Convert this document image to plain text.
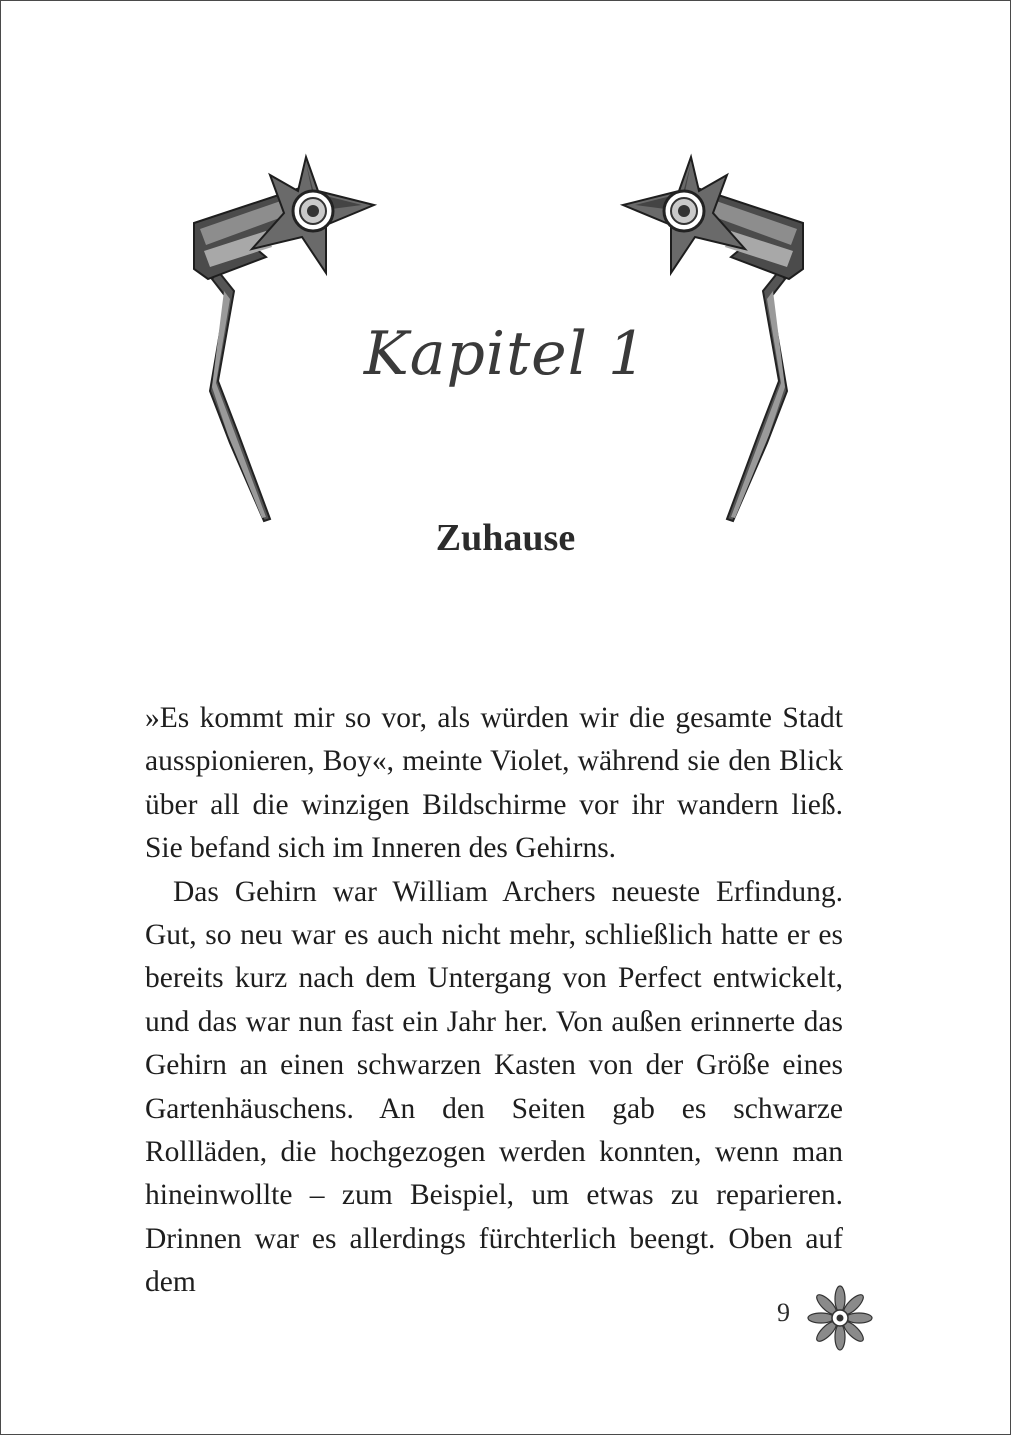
Kapitel 1
Zuhause

»Es kommt mir so vor, als würden wir die gesamte Stadt ausspionieren, Boy«, meinte Violet, während sie den Blick über all die winzigen Bildschirme vor ihr wandern ließ. Sie befand sich im Inneren des Gehirns.

Das Gehirn war William Archers neueste Erfindung. Gut, so neu war es auch nicht mehr, schließlich hatte er es bereits kurz nach dem Untergang von Perfect entwickelt, und das war nun fast ein Jahr her. Von außen erinnerte das Gehirn an einen schwarzen Kasten von der Größe eines Gartenhäuschens. An den Seiten gab es schwarze Rollläden, die hochgezogen werden konnten, wenn man hineinwollte – zum Beispiel, um etwas zu reparieren. Drinnen war es allerdings fürchterlich beengt. Oben auf dem

9
